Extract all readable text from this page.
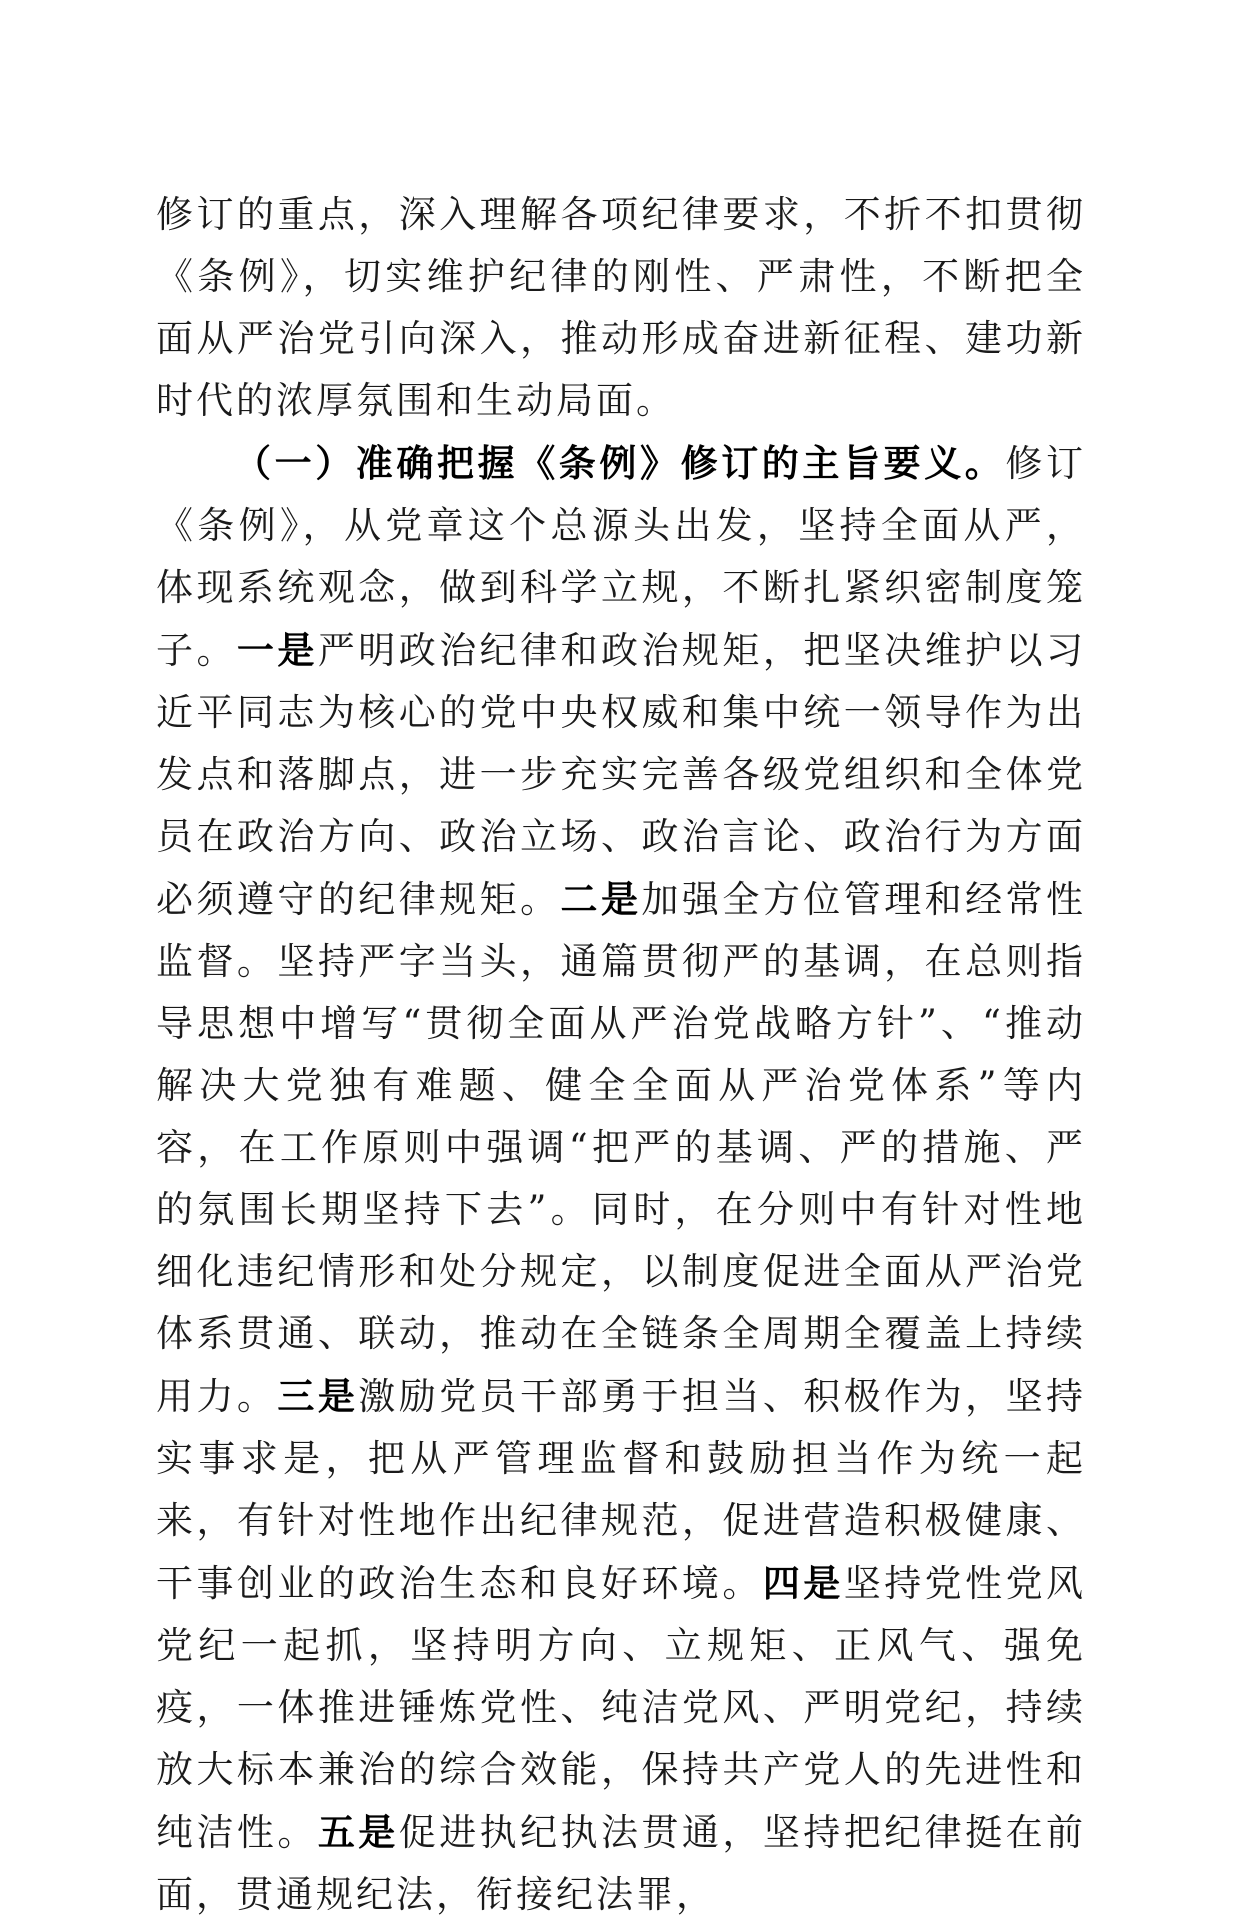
修订的重点，深入理解各项纪律要求，不折不扣贯彻《条例》，切实维护纪律的刚性、严肃性，不断把全面从严治党引向深入，推动形成奋进新征程、建功新时代的浓厚氛围和生动局面。

（一）准确把握《条例》修订的主旨要义。修订《条例》，从党章这个总源头出发，坚持全面从严，体现系统观念，做到科学立规，不断扎紧织密制度笼子。一是严明政治纪律和政治规矩，把坚决维护以习近平同志为核心的党中央权威和集中统一领导作为出发点和落脚点，进一步充实完善各级党组织和全体党员在政治方向、政治立场、政治言论、政治行为方面必须遵守的纪律规矩。二是加强全方位管理和经常性监督。坚持严字当头，通篇贯彻严的基调，在总则指导思想中增写“贯彻全面从严治党战略方针”、“推动解决大党独有难题、健全全面从严治党体系”等内容，在工作原则中强调“把严的基调、严的措施、严的氛围长期坚持下去”。同时，在分则中有针对性地细化违纪情形和处分规定，以制度促进全面从严治党体系贯通、联动，推动在全链条全周期全覆盖上持续用力。三是激励党员干部勇于担当、积极作为，坚持实事求是，把从严管理监督和鼓励担当作为统一起来，有针对性地作出纪律规范，促进营造积极健康、干事创业的政治生态和良好环境。四是坚持党性党风党纪一起抓，坚持明方向、立规矩、正风气、强免疫，一体推进锤炼党性、纯洁党风、严明党纪，持续放大标本兼治的综合效能，保持共产党人的先进性和纯洁性。五是促进执纪执法贯通，坚持把纪律挺在前面，贯通规纪法，衔接纪法罪，
